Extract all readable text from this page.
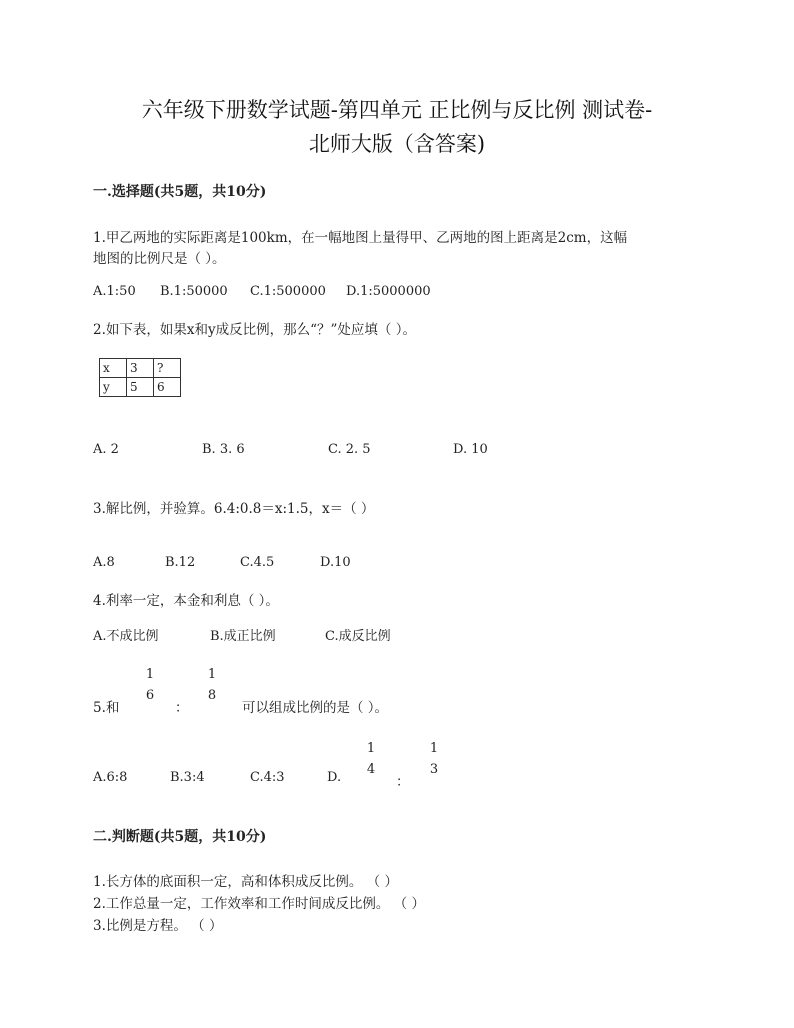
六年级下册数学试题-第四单元 正比例与反比例 测试卷-
北师大版（含答案)
一.选择题(共5题，共10分)
1.甲乙两地的实际距离是100km，在一幅地图上量得甲、乙两地的图上距离是2cm，这幅
地图的比例尺是（ ）。
A.1:50 B.1:50000 C.1:500000 D.1:5000000
2.如下表，如果x和y成反比例，那么“？”处应填（ ）。
x	3	?
y	5	6
A. 2	B. 3. 6	C. 2. 5	D. 10
3.解比例，并验算。6.4:0.8＝x:1.5，x＝（ ）
A.8	B.12	C.4.5	D.10
4.利率一定，本金和利息（ ）。
A.不成比例	B.成正比例	C.成反比例
5.和
1
6
：
1
8
可以组成比例的是（ ）。
A.6:8	B.3:4	C.4:3	D.
1
4
：
1
3
二.判断题(共5题，共10分)
1.长方体的底面积一定，高和体积成反比例。 （ ）
2.工作总量一定，工作效率和工作时间成反比例。 （ ）
3.比例是方程。 （ ）
